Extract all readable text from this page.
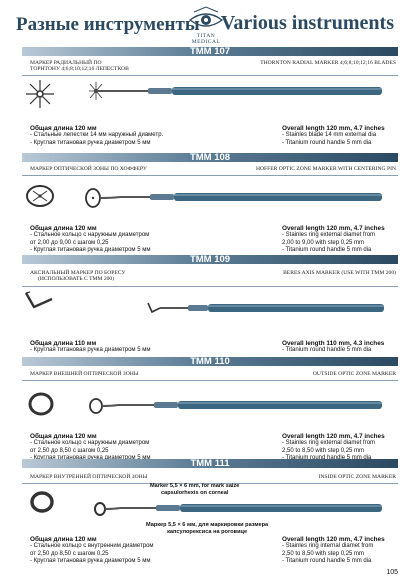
Разные инструменты
TITAN MEDICAL
Various instruments
TMM 107
МАРКЕР РАДИАЛЬНЫЙ ПО
ТОРНТОНУ 4;6;8;10;12;16 ЛЕПЕСТКОВ
THORNTON RADIAL MARKER 4;6;8;10;12;16 BLADES
Общая длина 120 мм
- Стальные лепестки 14 мм наружный диаметр.
- Круглая титановая ручка диаметром 5 мм
Overall length 120 mm, 4.7 inches
- Stainles blade 14 mm external dia
- Titanium round handle 5 mm dia
TMM 108
МАРКЕР ОПТИЧЕСКОЙ ЗОНЫ ПО ХОФФЕРУ	HOFFER OPTIC ZONE MARKER WITH CENTERING PIN
Общая длина 120 мм
- Стальное кольцо с наружным диаметром
от 2,00 до 9,00 с шагом 0,25
- Круглая титановая ручка диаметром 5 мм
Overall length 120 mm, 4.7 inches
- Stainles ring external diamet from
2,00 to 9,00 with step 0,25 mm
- Titanium round handle 5 mm dia
TMM 109
АКСИАЛЬНЫЙ МАРКЕР ПО БОРЕСУ
(ИСПОЛЬЗОВАТЬ С ТММ 200)
BERES AXIS MARKER (USE WITH TMM 200)
Общая длина 110 мм
- Круглая титановая ручка диаметром 5 мм
Overall length 110 mm, 4.3 inches
- Titanium round handle 5 mm dia
TMM 110
МАРКЕР ВНЕШНЕЙ ОПТИЧЕСКОЙ ЗОНЫ	OUTSIDE OPTIC ZONE MARKER
Общая длина 120 мм
- Стальное кольцо с наружным диаметром
от 2,50 до 8,50 с шагом 0,25
Overall length 120 mm, 4.7 inches
- Stainles ring external diamet from
2,50 to 8,50 with step 0,25 mm
TMM 111
МАРКЕР ВНУТРЕННЕЙ ОПТИЧЕСКОЙ ЗОНЫ	INSIDE OPTIC ZONE MARKER
Marker 5,5 × 6 mm, for mark saize
capsulorhexis on corneal
Маркер 5,5 × 6 мм, для маркировки размера
капсулорексиса на роговице
Общая длина 120 мм
- Стальное кольцо с внутренним диаметром
от 2,50 до 8,50 с шагом 0,25
- Круглая титановая ручка диаметром 5 мм
Overall length 120 mm, 4.7 inches
- Stainles ring internal diamet from
2,50 to 8,50 with step 0,25 mm
- Titanium round handle 5 mm dia
105
